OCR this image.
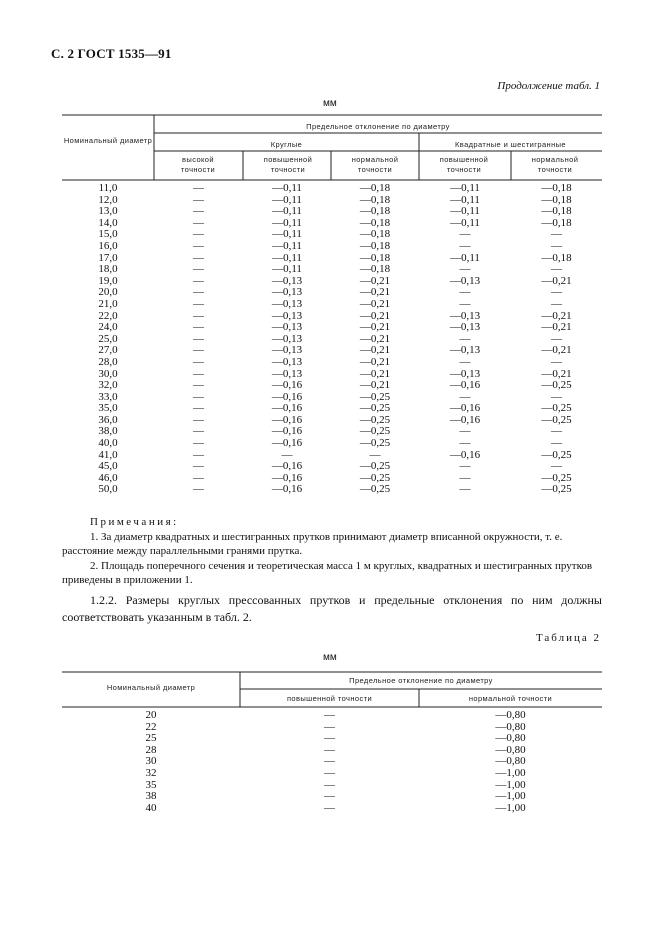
С. 2 ГОСТ 1535—91
Продолжение табл. 1
мм
Номинальный диаметр
Предельное отклонение по диаметру
Круглые	Квадратные и шестигранные
высокой точности
повышенной точности
нормальной точности
повышенной точности
нормальной точности
11,0	—	—0,11	—0,18	—0,11	—0,18
12,0	—	—0,11	—0,18	—0,11	—0,18
13,0	—	—0,11	—0,18	—0,11	—0,18
14,0	—	—0,11	—0,18	—0,11	—0,18
15,0	—	—0,11	—0,18	—	—
16,0	—	—0,11	—0,18	—	—
17,0	—	—0,11	—0,18	—0,11	—0,18
18,0	—	—0,11	—0,18	—	—
19,0	—	—0,13	—0,21	—0,13	—0,21
20,0	—	—0,13	—0,21	—	—
21,0	—	—0,13	—0,21	—	—
22,0	—	—0,13	—0,21	—0,13	—0,21
24,0	—	—0,13	—0,21	—0,13	—0,21
25,0	—	—0,13	—0,21	—	—
27,0	—	—0,13	—0,21	—0,13	—0,21
28,0	—	—0,13	—0,21	—	—
30,0	—	—0,13	—0,21	—0,13	—0,21
32,0	—	—0,16	—0,21	—0,16	—0,25
33,0	—	—0,16	—0,25	—	—
35,0	—	—0,16	—0,25	—0,16	—0,25
36,0	—	—0,16	—0,25	—0,16	—0,25
38,0	—	—0,16	—0,25	—	—
40,0	—	—0,16	—0,25	—	—
41,0	—	—	—	—0,16	—0,25
45,0	—	—0,16	—0,25	—	—
46,0	—	—0,16	—0,25	—	—0,25
50,0	—	—0,16	—0,25	—	—0,25
Примечания:
1. За диаметр квадратных и шестигранных прутков принимают диаметр вписанной окружности, т. е. расстояние между параллельными гранями прутка.
2. Площадь поперечного сечения и теоретическая масса 1 м круглых, квадратных и шестигранных прутков приведены в приложении 1.
1.2.2. Размеры круглых прессованных прутков и предельные отклонения по ним должны соответствовать указанным в табл. 2.
Таблица 2
мм
Номинальный диаметр
Предельное отклонение по диаметру
повышенной точности	нормальной точности
20	—	—0,80
22	—	—0,80
25	—	—0,80
28	—	—0,80
30	—	—0,80
32	—	—1,00
35	—	—1,00
38	—	—1,00
40	—	—1,00
